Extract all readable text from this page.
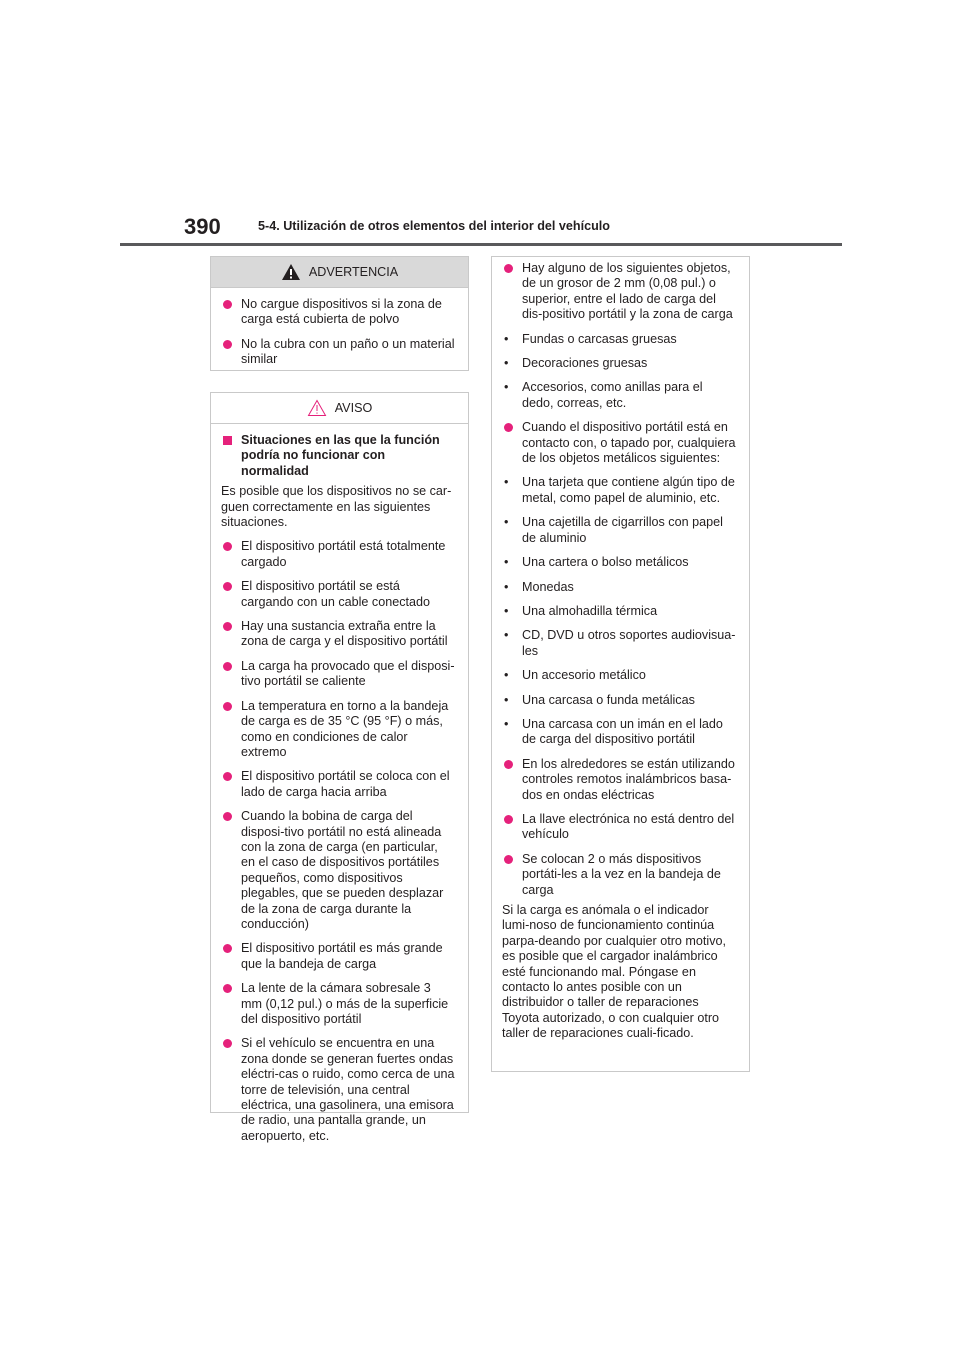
390	5-4. Utilización de otros elementos del interior del vehículo
ADVERTENCIA

No cargue dispositivos si la zona de carga está cubierta de polvo

No la cubra con un paño o un material similar

AVISO

Situaciones en las que la función podría no funcionar con normalidad

Es posible que los dispositivos no se car-guen correctamente en las siguientes situaciones.

El dispositivo portátil está totalmente cargado

El dispositivo portátil se está cargando con un cable conectado

Hay una sustancia extraña entre la zona de carga y el dispositivo portátil

La carga ha provocado que el disposi-tivo portátil se caliente

La temperatura en torno a la bandeja de carga es de 35 °C (95 °F) o más, como en condiciones de calor extremo

El dispositivo portátil se coloca con el lado de carga hacia arriba

Cuando la bobina de carga del disposi-tivo portátil no está alineada con la zona de carga (en particular, en el caso de dispositivos portátiles pequeños, como dispositivos plegables, que se pueden desplazar de la zona de carga durante la conducción)

El dispositivo portátil es más grande que la bandeja de carga

La lente de la cámara sobresale 3 mm (0,12 pul.) o más de la superficie del dispositivo portátil

Si el vehículo se encuentra en una zona donde se generan fuertes ondas eléctri-cas o ruido, como cerca de una torre de televisión, una central eléctrica, una gasolinera, una emisora de radio, una pantalla grande, un aeropuerto, etc.

Hay alguno de los siguientes objetos, de un grosor de 2 mm (0,08 pul.) o superior, entre el lado de carga del dis-positivo portátil y la zona de carga

• Fundas o carcasas gruesas

• Decoraciones gruesas

• Accesorios, como anillas para el dedo, correas, etc.

Cuando el dispositivo portátil está en contacto con, o tapado por, cualquiera de los objetos metálicos siguientes:

• Una tarjeta que contiene algún tipo de metal, como papel de aluminio, etc.

• Una cajetilla de cigarrillos con papel de aluminio

• Una cartera o bolso metálicos

• Monedas

• Una almohadilla térmica

• CD, DVD u otros soportes audiovisua-les

• Un accesorio metálico

• Una carcasa o funda metálicas

• Una carcasa con un imán en el lado de carga del dispositivo portátil

En los alrededores se están utilizando controles remotos inalámbricos basa-dos en ondas eléctricas

La llave electrónica no está dentro del vehículo

Se colocan 2 o más dispositivos portáti-les a la vez en la bandeja de carga

Si la carga es anómala o el indicador lumi-noso de funcionamiento continúa parpa-deando por cualquier otro motivo, es posible que el cargador inalámbrico esté funcionando mal. Póngase en contacto lo antes posible con un distribuidor o taller de reparaciones Toyota autorizado, o con cualquier otro taller de reparaciones cuali-ficado.
